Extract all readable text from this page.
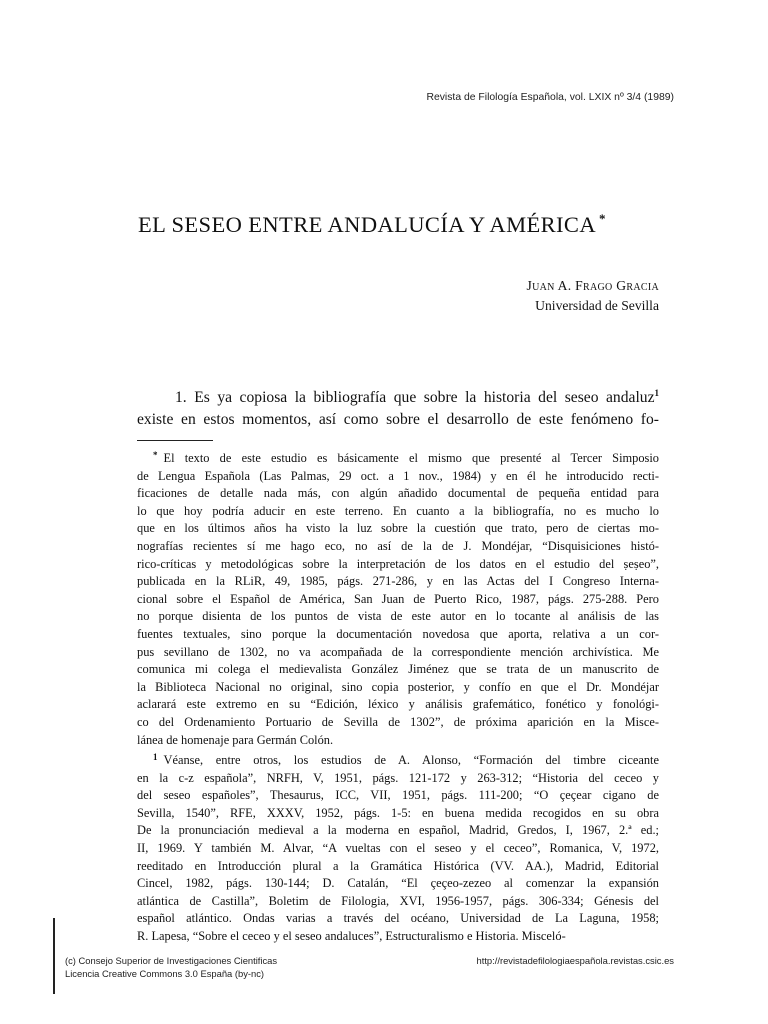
Revista de Filología Española, vol. LXIX nº 3/4 (1989)
EL SESEO ENTRE ANDALUCÍA Y AMÉRICA *
Juan A. Frago Gracia
Universidad de Sevilla
1. Es ya copiosa la bibliografía que sobre la historia del seseo andaluz$^1$
existe en estos momentos, así como sobre el desarrollo de este fenómeno fo-
* El texto de este estudio es básicamente el mismo que presenté al Tercer Simposio
de Lengua Española (Las Palmas, 29 oct. a 1 nov., 1984) y en él he introducido recti-
ficaciones de detalle nada más, con algún añadido documental de pequeña entidad para
lo que hoy podría aducir en este terreno. En cuanto a la bibliografía, no es mucho lo
que en los últimos años ha visto la luz sobre la cuestión que trato, pero de ciertas mo-
nografías recientes sí me hago eco, no así de la de J. Mondéjar, “Disquisiciones histó-
rico-críticas y metodológicas sobre la interpretación de los datos en el estudio del ṣeṣeo”,
publicada en la RLiR, 49, 1985, págs. 271-286, y en las Actas del I Congreso Interna-
cional sobre el Español de América, San Juan de Puerto Rico, 1987, págs. 275-288. Pero
no porque disienta de los puntos de vista de este autor en lo tocante al análisis de las
fuentes textuales, sino porque la documentación novedosa que aporta, relativa a un cor-
pus sevillano de 1302, no va acompañada de la correspondiente mención archivística. Me
comunica mi colega el medievalista González Jiménez que se trata de un manuscrito de
la Biblioteca Nacional no original, sino copia posterior, y confío en que el Dr. Mondéjar
aclarará este extremo en su “Edición, léxico y análisis grafemático, fonético y fonológi-
co del Ordenamiento Portuario de Sevilla de 1302”, de próxima aparición en la Miscе-
lánea de homenaje para Germán Colón.
$^1$ Véanse, entre otros, los estudios de A. Alonso, “Formación del timbre ciceante
en la c-z española”, NRFH, V, 1951, págs. 121-172 y 263-312; “Historia del ceceo y
del seseo españoles”, Thesaurus, ICC, VII, 1951, págs. 111-200; “O çeçear cigano de
Sevilla, 1540”, RFE, XXXV, 1952, págs. 1-5: en buena medida recogidos en su obra
De la pronunciación medieval a la moderna en español, Madrid, Gredos, I, 1967, 2.ª ed.;
II, 1969. Y también M. Alvar, “A vueltas con el seseo y el ceceo”, Romanica, V, 1972,
reeditado en Introducción plural a la Gramática Histórica (VV. AA.), Madrid, Editorial
Cincel, 1982, págs. 130-144; D. Catalán, “El çeçeo-zezeo al comenzar la expansión
atlántica de Castilla”, Boletim de Filologia, XVI, 1956-1957, págs. 306-334; Génesis del
español atlántico. Ondas varias a través del océano, Universidad de La Laguna, 1958;
R. Lapesa, “Sobre el ceceo y el seseo andaluces”, Estructuralismo e Historia. Misceló-
(c) Consejo Superior de Investigaciones Cientificas
Licencia Creative Commons 3.0 España (by-nc)
http://revistadefilologiaespañola.revistas.csic.es
